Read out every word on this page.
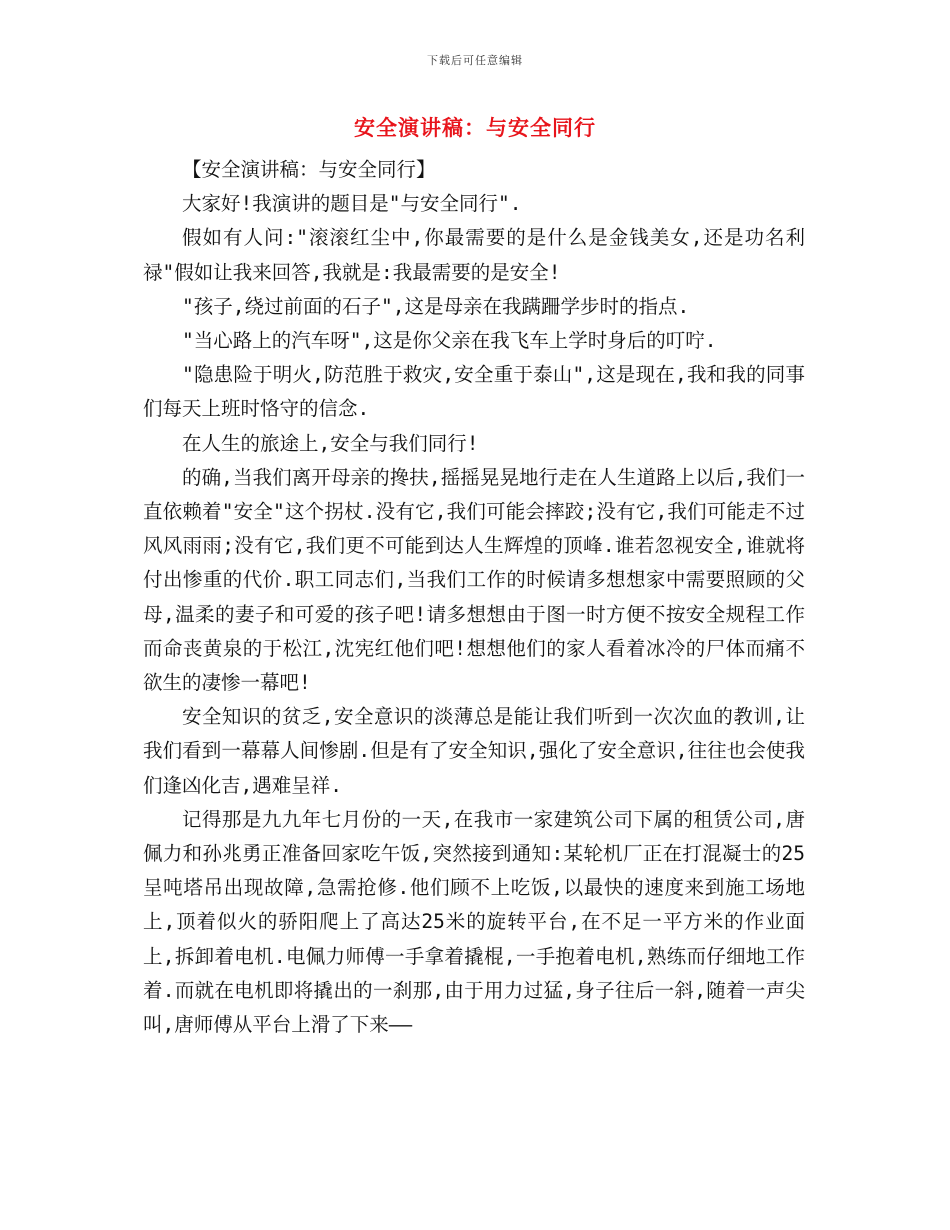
下载后可任意编辑
安全演讲稿：与安全同行

【安全演讲稿：与安全同行】

大家好!我演讲的题目是"与安全同行".

假如有人问:"滚滚红尘中,你最需要的是什么是金钱美女,还是功名利禄"假如让我来回答,我就是:我最需要的是安全!

"孩子,绕过前面的石子",这是母亲在我蹒跚学步时的指点.

"当心路上的汽车呀",这是你父亲在我飞车上学时身后的叮咛.

"隐患险于明火,防范胜于救灾,安全重于泰山",这是现在,我和我的同事们每天上班时恪守的信念.

在人生的旅途上,安全与我们同行!

的确,当我们离开母亲的搀扶,摇摇晃晃地行走在人生道路上以后,我们一直依赖着"安全"这个拐杖.没有它,我们可能会摔跤;没有它,我们可能走不过风风雨雨;没有它,我们更不可能到达人生辉煌的顶峰.谁若忽视安全,谁就将付出惨重的代价.职工同志们,当我们工作的时候请多想想家中需要照顾的父母,温柔的妻子和可爱的孩子吧!请多想想由于图一时方便不按安全规程工作而命丧黄泉的于松江,沈宪红他们吧!想想他们的家人看着冰冷的尸体而痛不欲生的凄惨一幕吧!

安全知识的贫乏,安全意识的淡薄总是能让我们听到一次次血的教训,让我们看到一幕幕人间惨剧.但是有了安全知识,强化了安全意识,往往也会使我们逢凶化吉,遇难呈祥.

记得那是九九年七月份的一天,在我市一家建筑公司下属的租赁公司,唐佩力和孙兆勇正准备回家吃午饭,突然接到通知:某轮机厂正在打混凝士的25呈吨塔吊出现故障,急需抢修.他们顾不上吃饭,以最快的速度来到施工场地上,顶着似火的骄阳爬上了高达25米的旋转平台,在不足一平方米的作业面上,拆卸着电机.电佩力师傅一手拿着撬棍,一手抱着电机,熟练而仔细地工作着.而就在电机即将撬出的一刹那,由于用力过猛,身子往后一斜,随着一声尖叫,唐师傅从平台上滑了下来——
